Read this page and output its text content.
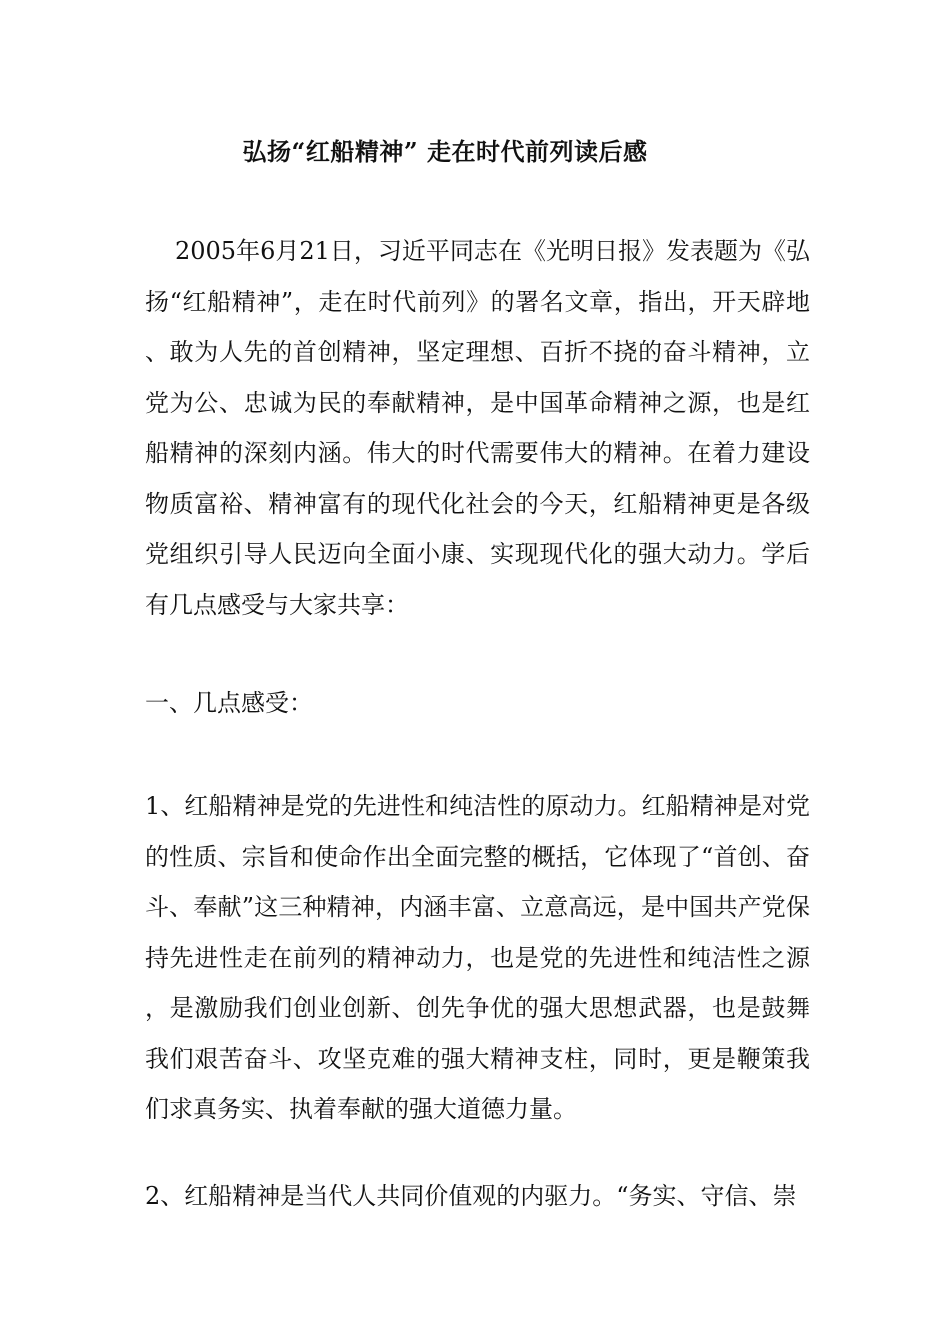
弘扬“红船精神” 走在时代前列读后感

2005年6月21日，习近平同志在《光明日报》发表题为《弘扬“红船精神”，走在时代前列》的署名文章，指出，开天辟地、敢为人先的首创精神，坚定理想、百折不挠的奋斗精神，立党为公、忠诚为民的奉献精神，是中国革命精神之源，也是红船精神的深刻内涵。伟大的时代需要伟大的精神。在着力建设物质富裕、精神富有的现代化社会的今天，红船精神更是各级党组织引导人民迈向全面小康、实现现代化的强大动力。学后有几点感受与大家共享：

一、几点感受：

1、红船精神是党的先进性和纯洁性的原动力。红船精神是对党的性质、宗旨和使命作出全面完整的概括，它体现了“首创、奋斗、奉献”这三种精神，内涵丰富、立意高远，是中国共产党保持先进性走在前列的精神动力，也是党的先进性和纯洁性之源，是激励我们创业创新、创先争优的强大思想武器，也是鼓舞我们艰苦奋斗、攻坚克难的强大精神支柱，同时，更是鞭策我们求真务实、执着奉献的强大道德力量。

2、红船精神是当代人共同价值观的内驱力。“务实、守信、崇
